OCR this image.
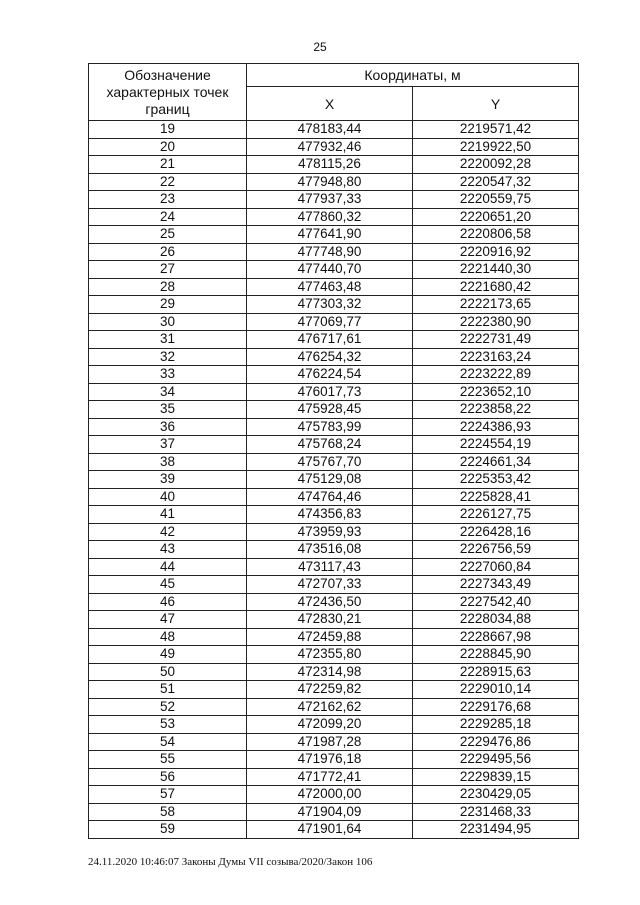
25
Обозначение характерных точек границ	Координаты, м	
	X	Y
19	478183,44	2219571,42
20	477932,46	2219922,50
21	478115,26	2220092,28
22	477948,80	2220547,32
23	477937,33	2220559,75
24	477860,32	2220651,20
25	477641,90	2220806,58
26	477748,90	2220916,92
27	477440,70	2221440,30
28	477463,48	2221680,42
29	477303,32	2222173,65
30	477069,77	2222380,90
31	476717,61	2222731,49
32	476254,32	2223163,24
33	476224,54	2223222,89
34	476017,73	2223652,10
35	475928,45	2223858,22
36	475783,99	2224386,93
37	475768,24	2224554,19
38	475767,70	2224661,34
39	475129,08	2225353,42
40	474764,46	2225828,41
41	474356,83	2226127,75
42	473959,93	2226428,16
43	473516,08	2226756,59
44	473117,43	2227060,84
45	472707,33	2227343,49
46	472436,50	2227542,40
47	472830,21	2228034,88
48	472459,88	2228667,98
49	472355,80	2228845,90
50	472314,98	2228915,63
51	472259,82	2229010,14
52	472162,62	2229176,68
53	472099,20	2229285,18
54	471987,28	2229476,86
55	471976,18	2229495,56
56	471772,41	2229839,15
57	472000,00	2230429,05
58	471904,09	2231468,33
59	471901,64	2231494,95
24.11.2020 10:46:07 Законы Думы VII созыва/2020/Закон 106
